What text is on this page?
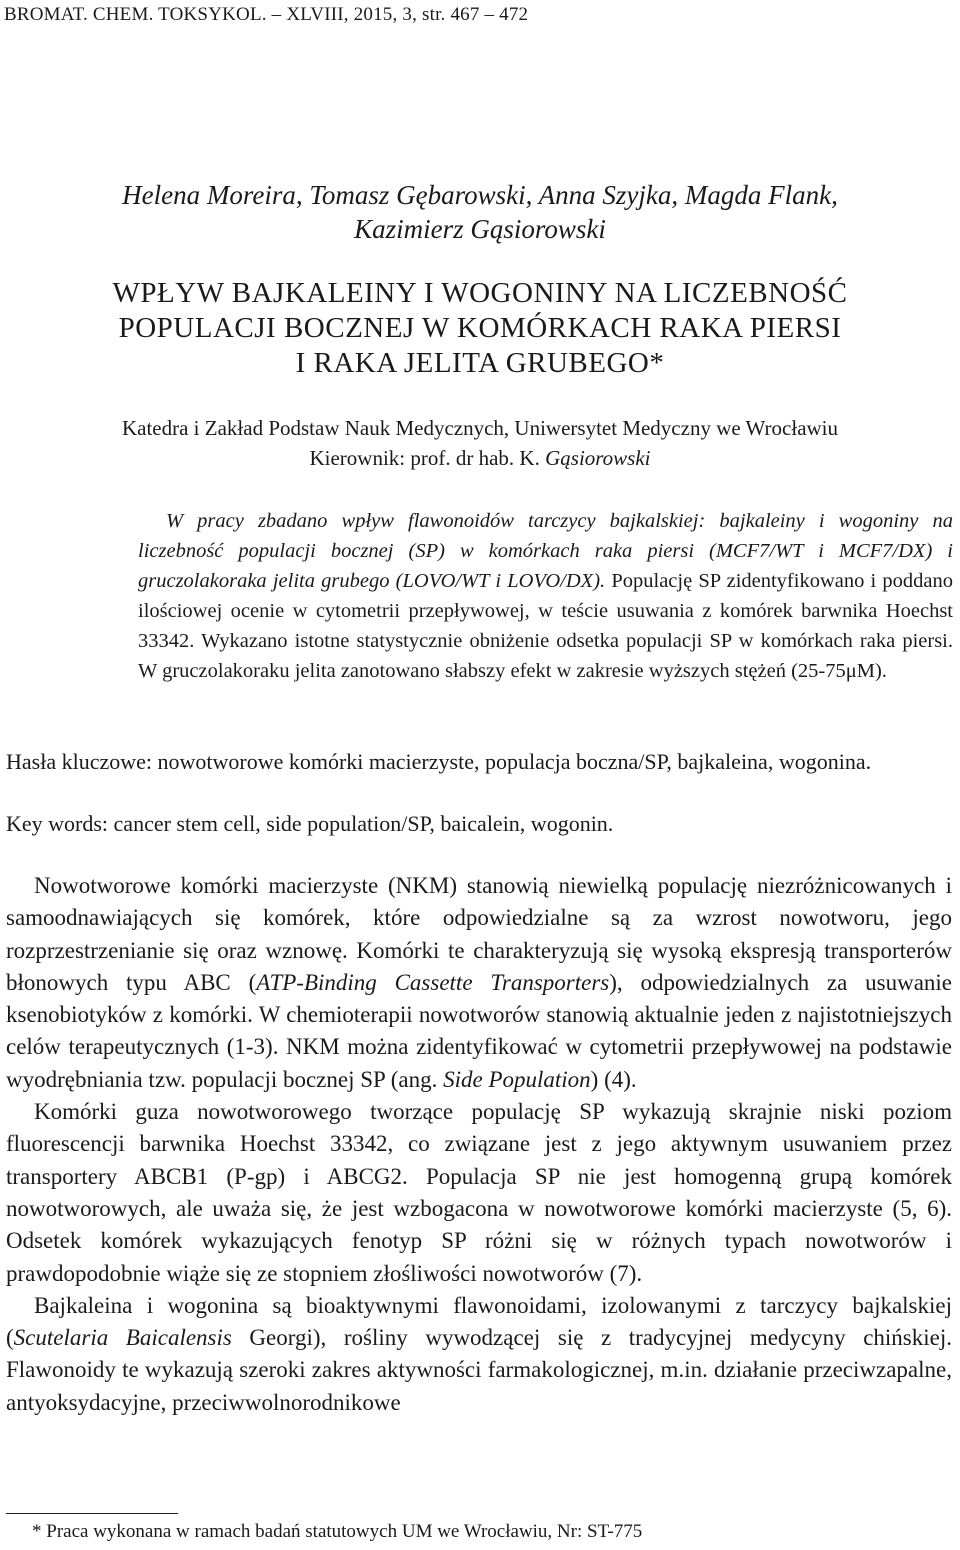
BROMAT. CHEM. TOKSYKOL. – XLVIII, 2015, 3, str. 467 – 472
Helena Moreira, Tomasz Gębarowski, Anna Szyjka, Magda Flank,
Kazimierz Gąsiorowski
WPŁYW BAJKALEINY I WOGONINY NA LICZEBNOŚĆ
POPULACJI BOCZNEJ W KOMÓRKACH RAKA PIERSI
I RAKA JELITA GRUBEGO*
Katedra i Zakład Podstaw Nauk Medycznych, Uniwersytet Medyczny we Wrocławiu
Kierownik: prof. dr hab. K. Gąsiorowski

W pracy zbadano wpływ flawonoidów tarczycy bajkalskiej: bajkaleiny i wogoniny na liczebność populacji bocznej (SP) w komórkach raka piersi (MCF7/WT i MCF7/DX) i gruczolakoraka jelita grubego (LOVO/WT i LOVO/DX). Populację SP zidentyfikowano i poddano ilościowej ocenie w cytometrii przepływowej, w teście usuwania z komórek barwnika Hoechst 33342. Wykazano istotne statystycznie obniżenie odsetka populacji SP w komórkach raka piersi. W gruczolakoraku jelita zanotowano słabszy efekt w zakresie wyższych stężeń (25-75μM).

Hasła kluczowe: nowotworowe komórki macierzyste, populacja boczna/SP, bajkaleina, wogonina.
Key words: cancer stem cell, side population/SP, baicalein, wogonin.

Nowotworowe komórki macierzyste (NKM) stanowią niewielką populację niezróżnicowanych i samoodnawiających się komórek, które odpowiedzialne są za wzrost nowotworu, jego rozprzestrzenianie się oraz wznowę. Komórki te charakteryzują się wysoką ekspresją transporterów błonowych typu ABC (ATP-Binding Cassette Transporters), odpowiedzialnych za usuwanie ksenobiotyków z komórki. W chemioterapii nowotworów stanowią aktualnie jeden z najistotniejszych celów terapeutycznych (1-3). NKM można zidentyfikować w cytometrii przepływowej na podstawie wyodrębniania tzw. populacji bocznej SP (ang. Side Population) (4).

Komórki guza nowotworowego tworzące populację SP wykazują skrajnie niski poziom fluorescencji barwnika Hoechst 33342, co związane jest z jego aktywnym usuwaniem przez transportery ABCB1 (P-gp) i ABCG2. Populacja SP nie jest homogenną grupą komórek nowotworowych, ale uważa się, że jest wzbogacona w nowotworowe komórki macierzyste (5, 6). Odsetek komórek wykazujących fenotyp SP różni się w różnych typach nowotworów i prawdopodobnie wiąże się ze stopniem złośliwości nowotworów (7).

Bajkaleina i wogonina są bioaktywnymi flawonoidami, izolowanymi z tarczycy bajkalskiej (Scutelaria Baicalensis Georgi), rośliny wywodzącej się z tradycyjnej medycyny chińskiej. Flawonoidy te wykazują szeroki zakres aktywności farmakologicznej, m.in. działanie przeciwzapalne, antyoksydacyjne, przeciwwolnorodnikowe

* Praca wykonana w ramach badań statutowych UM we Wrocławiu, Nr: ST-775
